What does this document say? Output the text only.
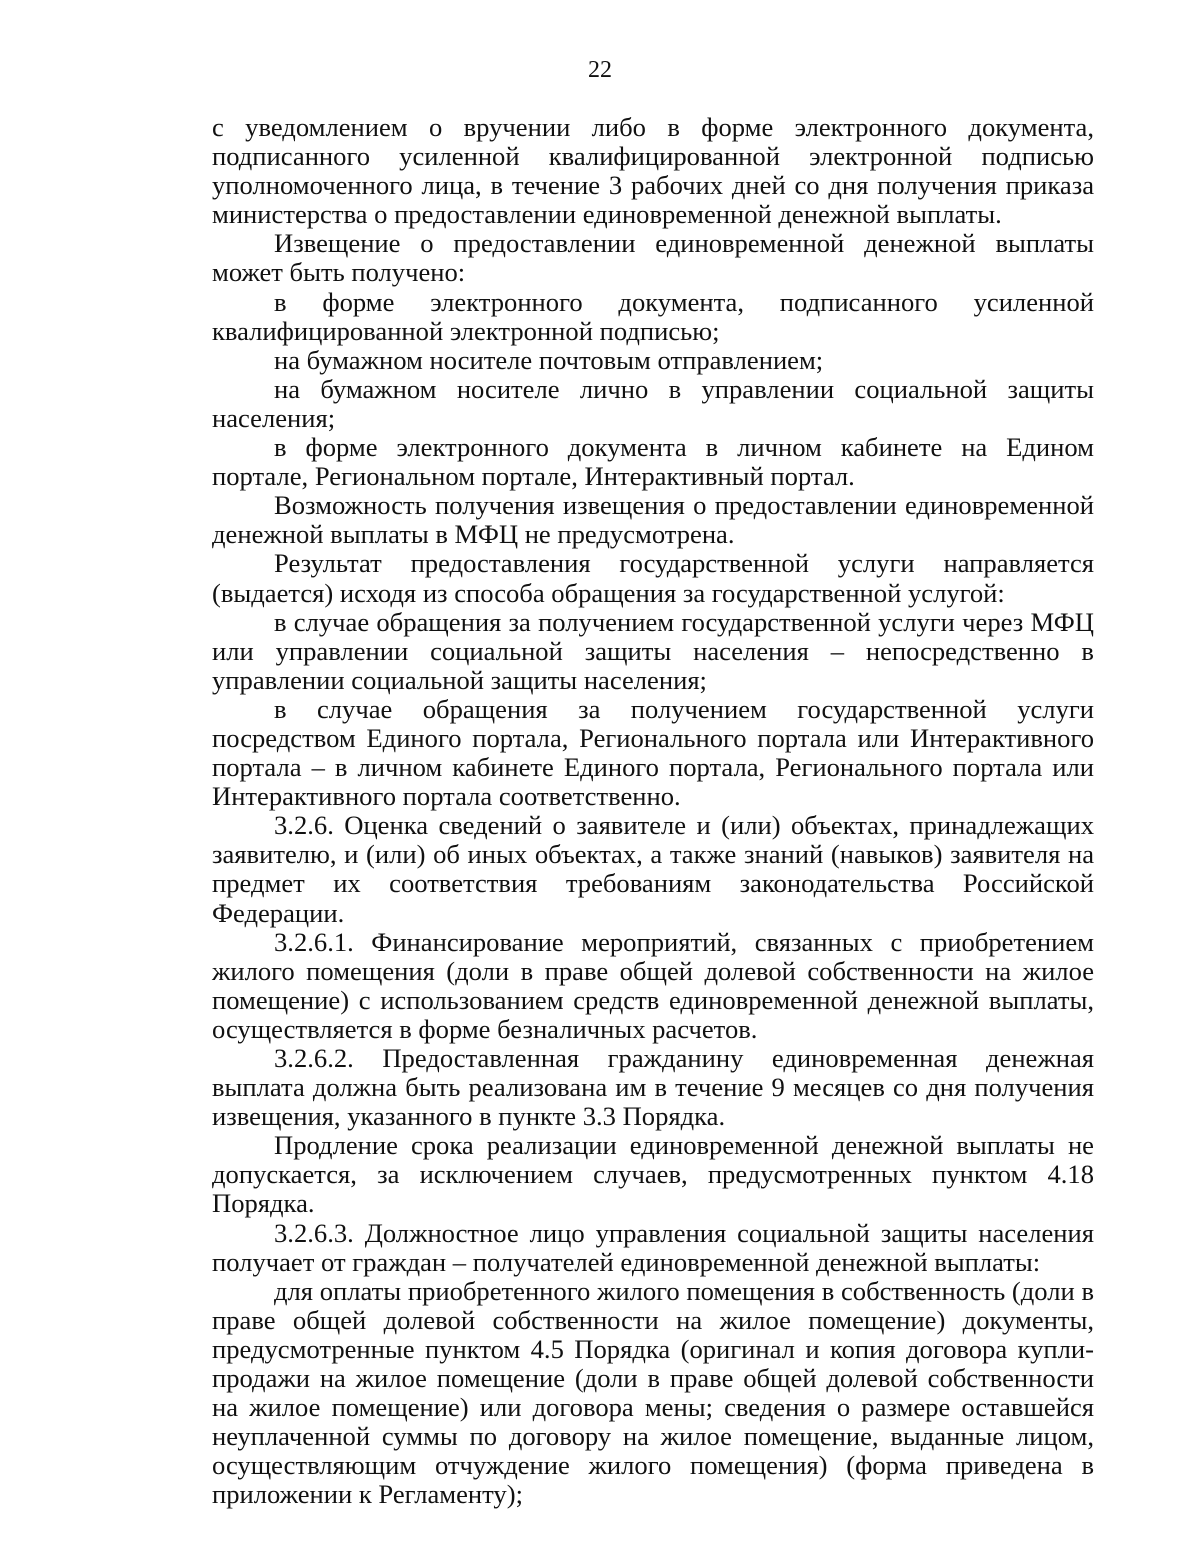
22

с уведомлением о вручении либо в форме электронного документа, подписанного усиленной квалифицированной электронной подписью уполномоченного лица, в течение 3 рабочих дней со дня получения приказа министерства о предоставлении единовременной денежной выплаты.

Извещение о предоставлении единовременной денежной выплаты может быть получено:

в форме электронного документа, подписанного усиленной квалифицированной электронной подписью;

на бумажном носителе почтовым отправлением;

на бумажном носителе лично в управлении социальной защиты населения;

в форме электронного документа в личном кабинете на Едином портале, Региональном портале, Интерактивный портал.

Возможность получения извещения о предоставлении единовременной денежной выплаты в МФЦ не предусмотрена.

Результат предоставления государственной услуги направляется (выдается) исходя из способа обращения за государственной услугой:

в случае обращения за получением государственной услуги через МФЦ или управлении социальной защиты населения – непосредственно в управлении социальной защиты населения;

в случае обращения за получением государственной услуги посредством Единого портала, Регионального портала или Интерактивного портала – в личном кабинете Единого портала, Регионального портала или Интерактивного портала соответственно.

3.2.6. Оценка сведений о заявителе и (или) объектах, принадлежащих заявителю, и (или) об иных объектах, а также знаний (навыков) заявителя на предмет их соответствия требованиям законодательства Российской Федерации.

3.2.6.1. Финансирование мероприятий, связанных с приобретением жилого помещения (доли в праве общей долевой собственности на жилое помещение) с использованием средств единовременной денежной выплаты, осуществляется в форме безналичных расчетов.

3.2.6.2. Предоставленная гражданину единовременная денежная выплата должна быть реализована им в течение 9 месяцев со дня получения извещения, указанного в пункте 3.3 Порядка.

Продление срока реализации единовременной денежной выплаты не допускается, за исключением случаев, предусмотренных пунктом 4.18 Порядка.

3.2.6.3. Должностное лицо управления социальной защиты населения получает от граждан – получателей единовременной денежной выплаты:

для оплаты приобретенного жилого помещения в собственность (доли в праве общей долевой собственности на жилое помещение) документы, предусмотренные пунктом 4.5 Порядка (оригинал и копия договора купли-продажи на жилое помещение (доли в праве общей долевой собственности на жилое помещение) или договора мены; сведения о размере оставшейся неуплаченной суммы по договору на жилое помещение, выданные лицом, осуществляющим отчуждение жилого помещения) (форма приведена в приложении к Регламенту);
